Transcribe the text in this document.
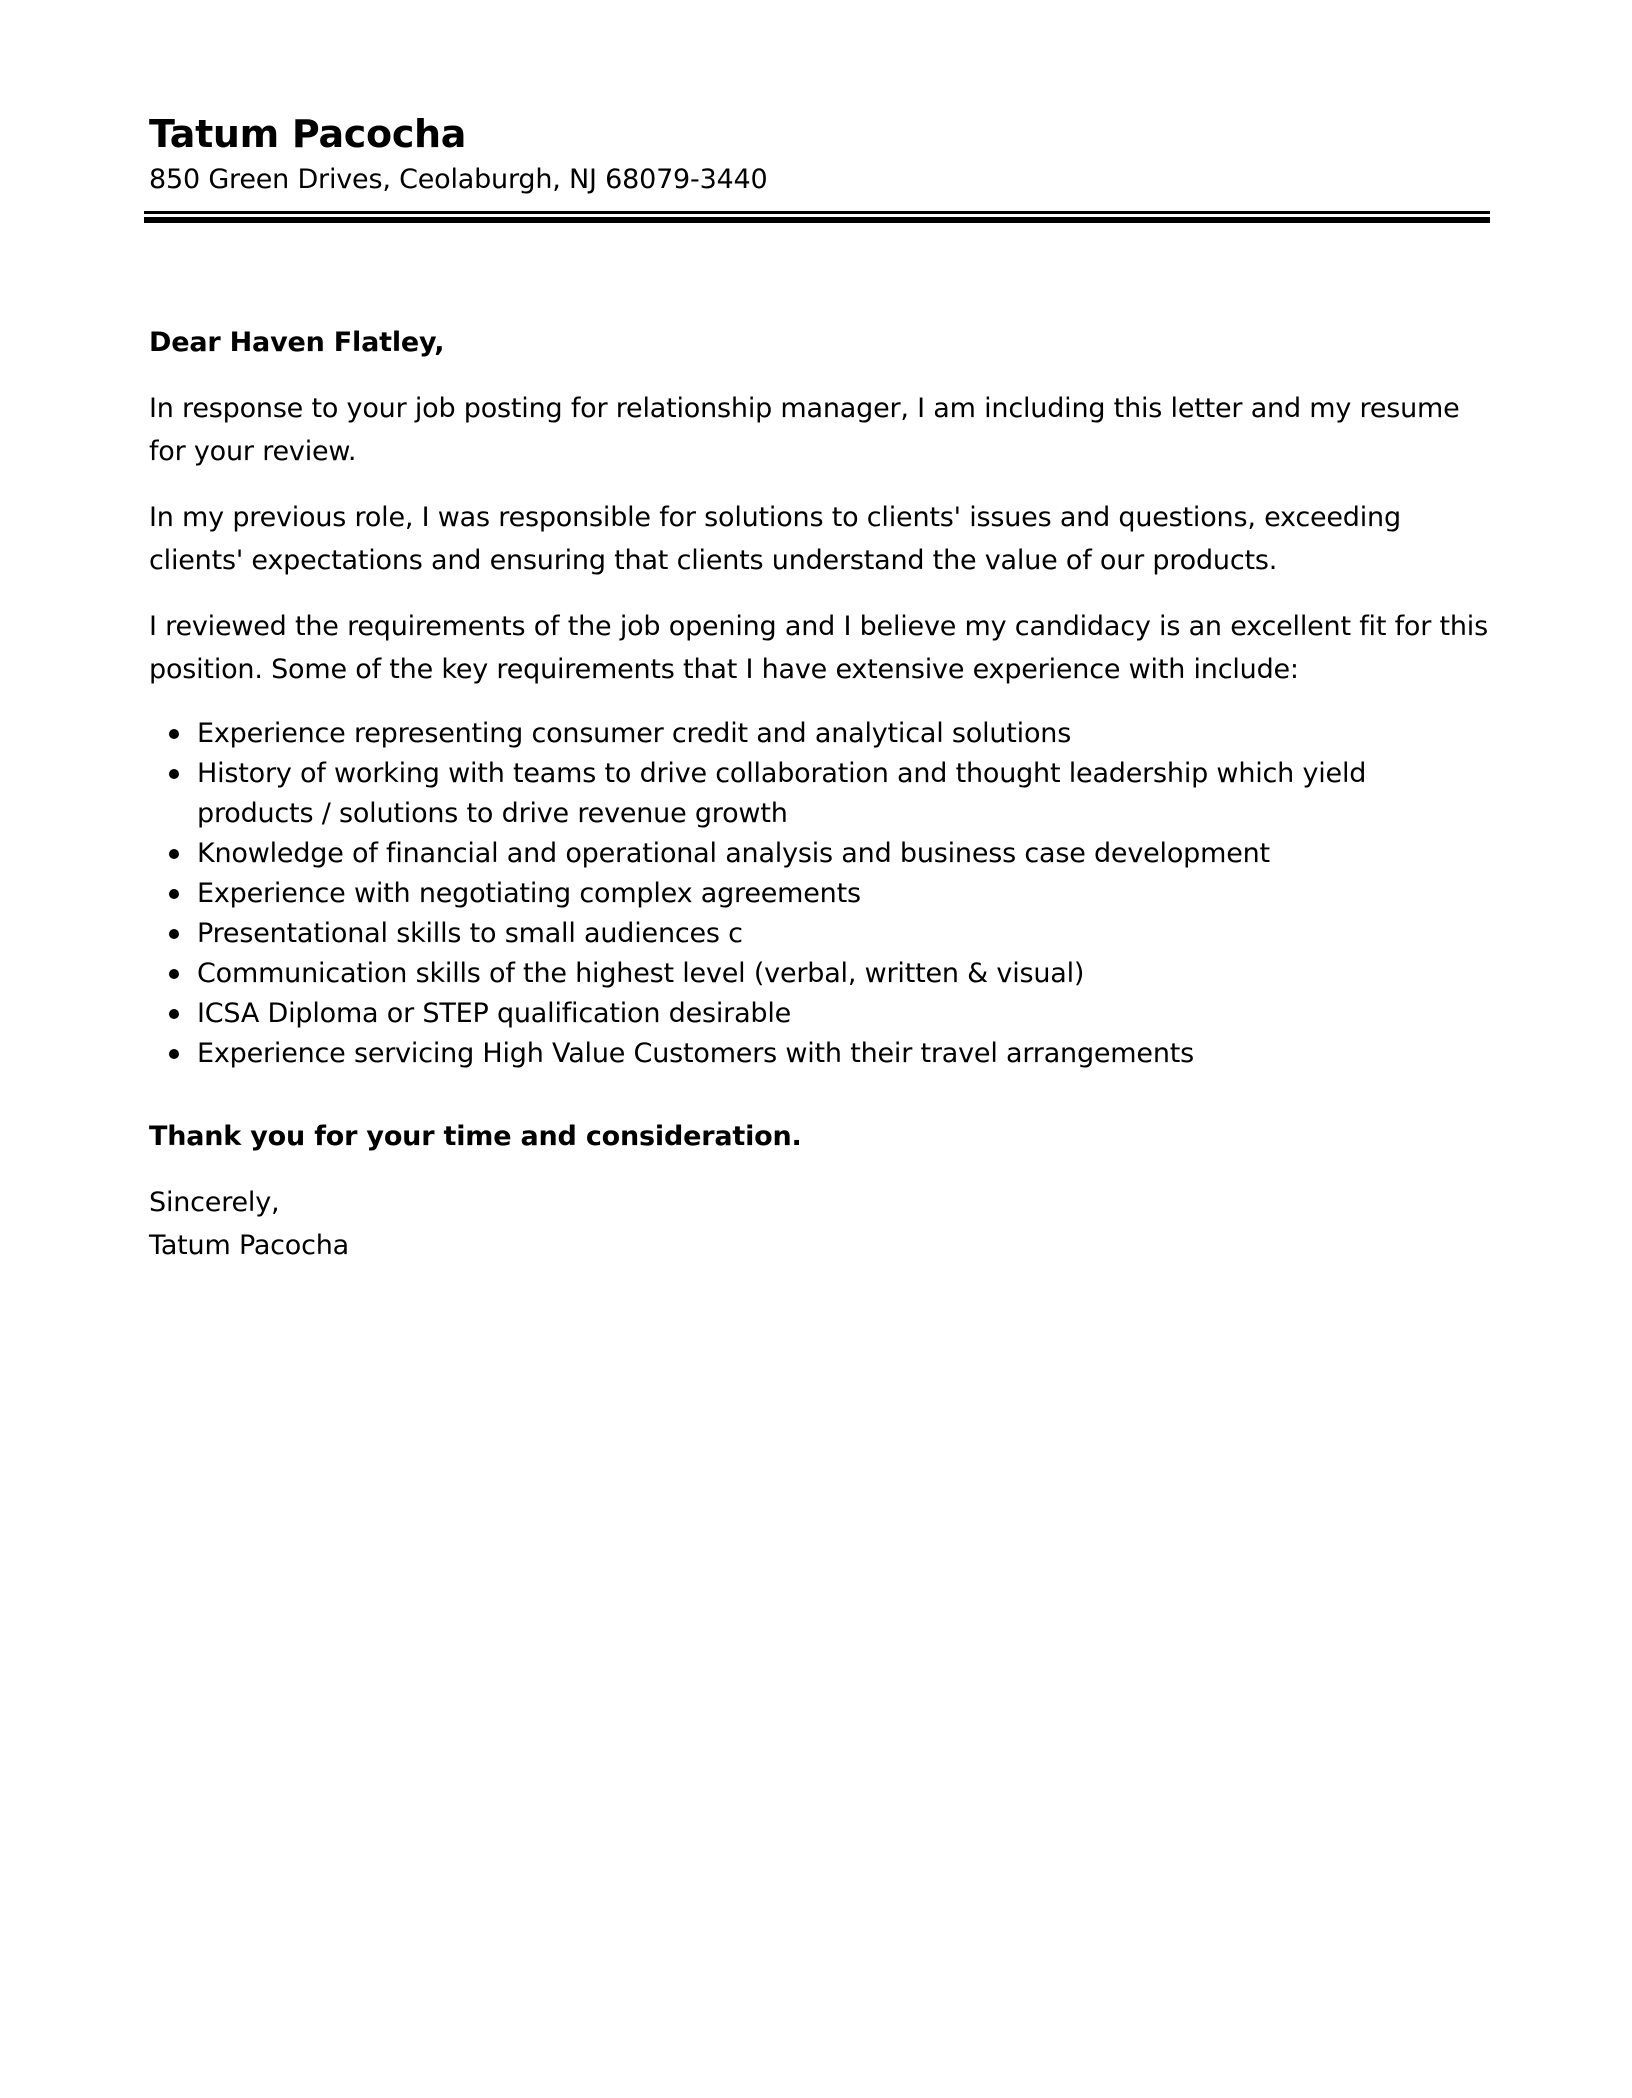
Tatum Pacocha

850 Green Drives, Ceolaburgh, NJ 68079-3440

Dear Haven Flatley,

In response to your job posting for relationship manager, I am including this letter and my resume for your review.

In my previous role, I was responsible for solutions to clients' issues and questions, exceeding clients' expectations and ensuring that clients understand the value of our products.

I reviewed the requirements of the job opening and I believe my candidacy is an excellent fit for this position. Some of the key requirements that I have extensive experience with include:

Experience representing consumer credit and analytical solutions
History of working with teams to drive collaboration and thought leadership which yield products / solutions to drive revenue growth
Knowledge of financial and operational analysis and business case development
Experience with negotiating complex agreements
Presentational skills to small audiences c
Communication skills of the highest level (verbal, written & visual)
ICSA Diploma or STEP qualification desirable
Experience servicing High Value Customers with their travel arrangements

Thank you for your time and consideration.

Sincerely,

Tatum Pacocha
